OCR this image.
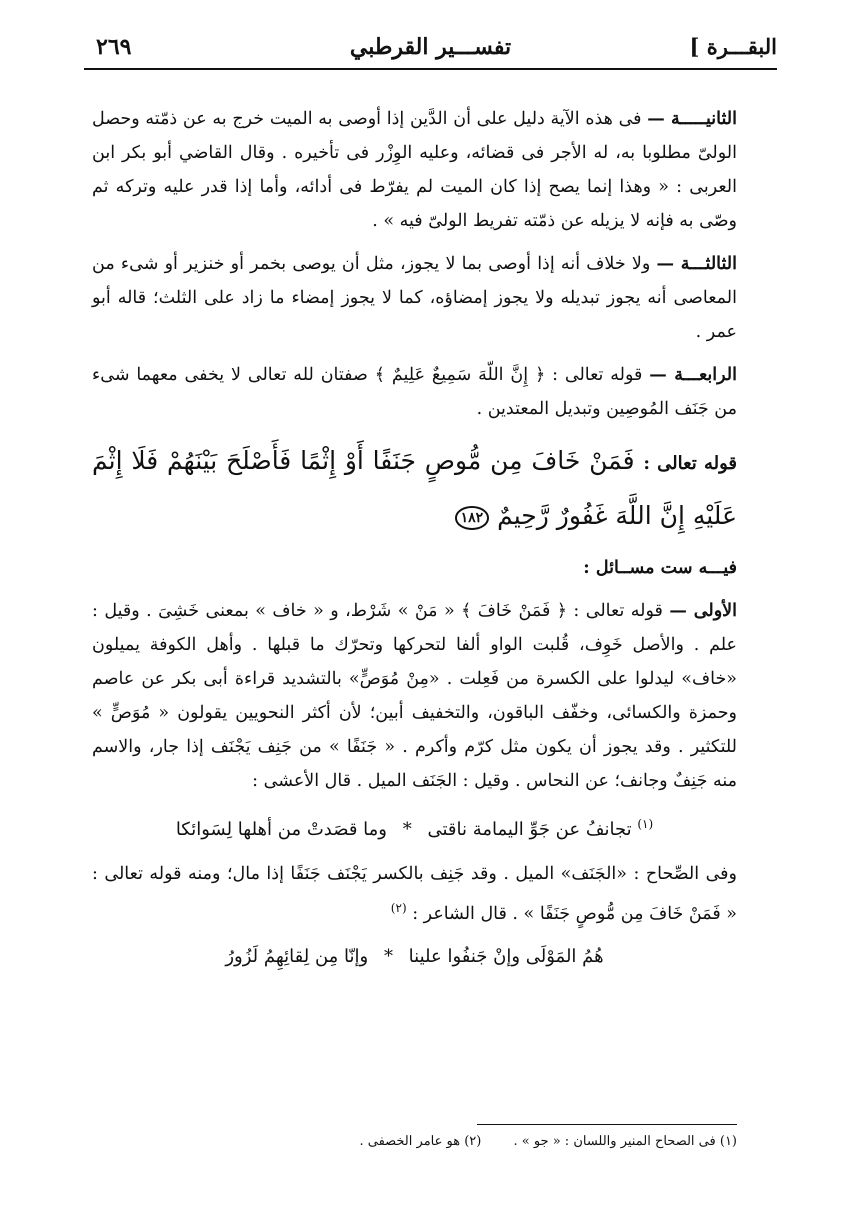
البقـــرة ]
تفســـير القرطبي
٢٦٩

الثانيـــــة — فى هذه الآية دليل على أن الدَّين إذا أوصى به الميت خرج به عن ذمّته وحصل الولىّ مطلوبا به، له الأجر فى قضائه، وعليه الوِزْر فى تأخيره . وقال القاضي أبو بكر ابن العربى : « وهذا إنما يصح إذا كان الميت لم يفرّط فى أدائه، وأما إذا قدر عليه وتركه ثم وصّى به فإنه لا يزيله عن ذمّته تفريط الولىّ فيه » .

الثالثـــة — ولا خلاف أنه إذا أوصى بما لا يجوز، مثل أن يوصى بخمر أو خنزير أو شىء من المعاصى أنه يجوز تبديله ولا يجوز إمضاؤه، كما لا يجوز إمضاء ما زاد على الثلث؛ قاله أبو عمر .

الرابعـــة — قوله تعالى : ﴿ إِنَّ اللّهَ سَمِيعٌ عَلِيمٌ ﴾ صفتان لله تعالى لا يخفى معهما شىء من جَنَف المُوصِين وتبديل المعتدين .

قوله تعالى : فَمَنْ خَافَ مِن مُّوصٍ جَنَفًا أَوْ إِثْمًا فَأَصْلَحَ بَيْنَهُمْ فَلَا إِثْمَ عَلَيْهِ إِنَّ اللَّهَ غَفُورٌ رَّحِيمٌ ١٨٢

فيـــه ست مســائل :

الأولى — قوله تعالى : ﴿ فَمَنْ خَافَ ﴾ « مَنْ » شَرْط، و « خاف » بمعنى خَشِىَ . وقيل : علم . والأصل خَوِف، قُلبت الواو ألفا لتحركها وتحرّك ما قبلها . وأهل الكوفة يميلون «خاف» ليدلوا على الكسرة من فَعِلت . «مِنْ مُوَصٍّ» بالتشديد قراءة أبى بكر عن عاصم وحمزة والكسائى، وخفّف الباقون، والتخفيف أبين؛ لأن أكثر النحويين يقولون « مُوَصٍّ » للتكثير . وقد يجوز أن يكون مثل كرّم وأكرم . « جَنَفًا » من جَنِف يَجْنَف إذا جار، والاسم منه جَنِفٌ وجانف؛ عن النحاس . وقيل : الجَنَف الميل . قال الأعشى :

$^{(١)}$ تجانفُ عن جَوِّ اليمامة ناقتى * وما قصَدتْ من أهلها لِسَوائكا

وفى الصِّحاح : «الجَنَف» الميل . وقد جَنِف بالكسر يَجْنَف جَنَفًا إذا مال؛ ومنه قوله تعالى : « فَمَنْ خَافَ مِن مُّوصٍ جَنَفًا » . قال الشاعر : $^{(٢)}$

هُمُ المَوْلَى وإنْ جَنفُوا علينا * وإنّا مِن لِقائِهِمُ لَزُورُ
(١) فى الصحاح المنير واللسان : « جو » . (٢) هو عامر الخصفى .
